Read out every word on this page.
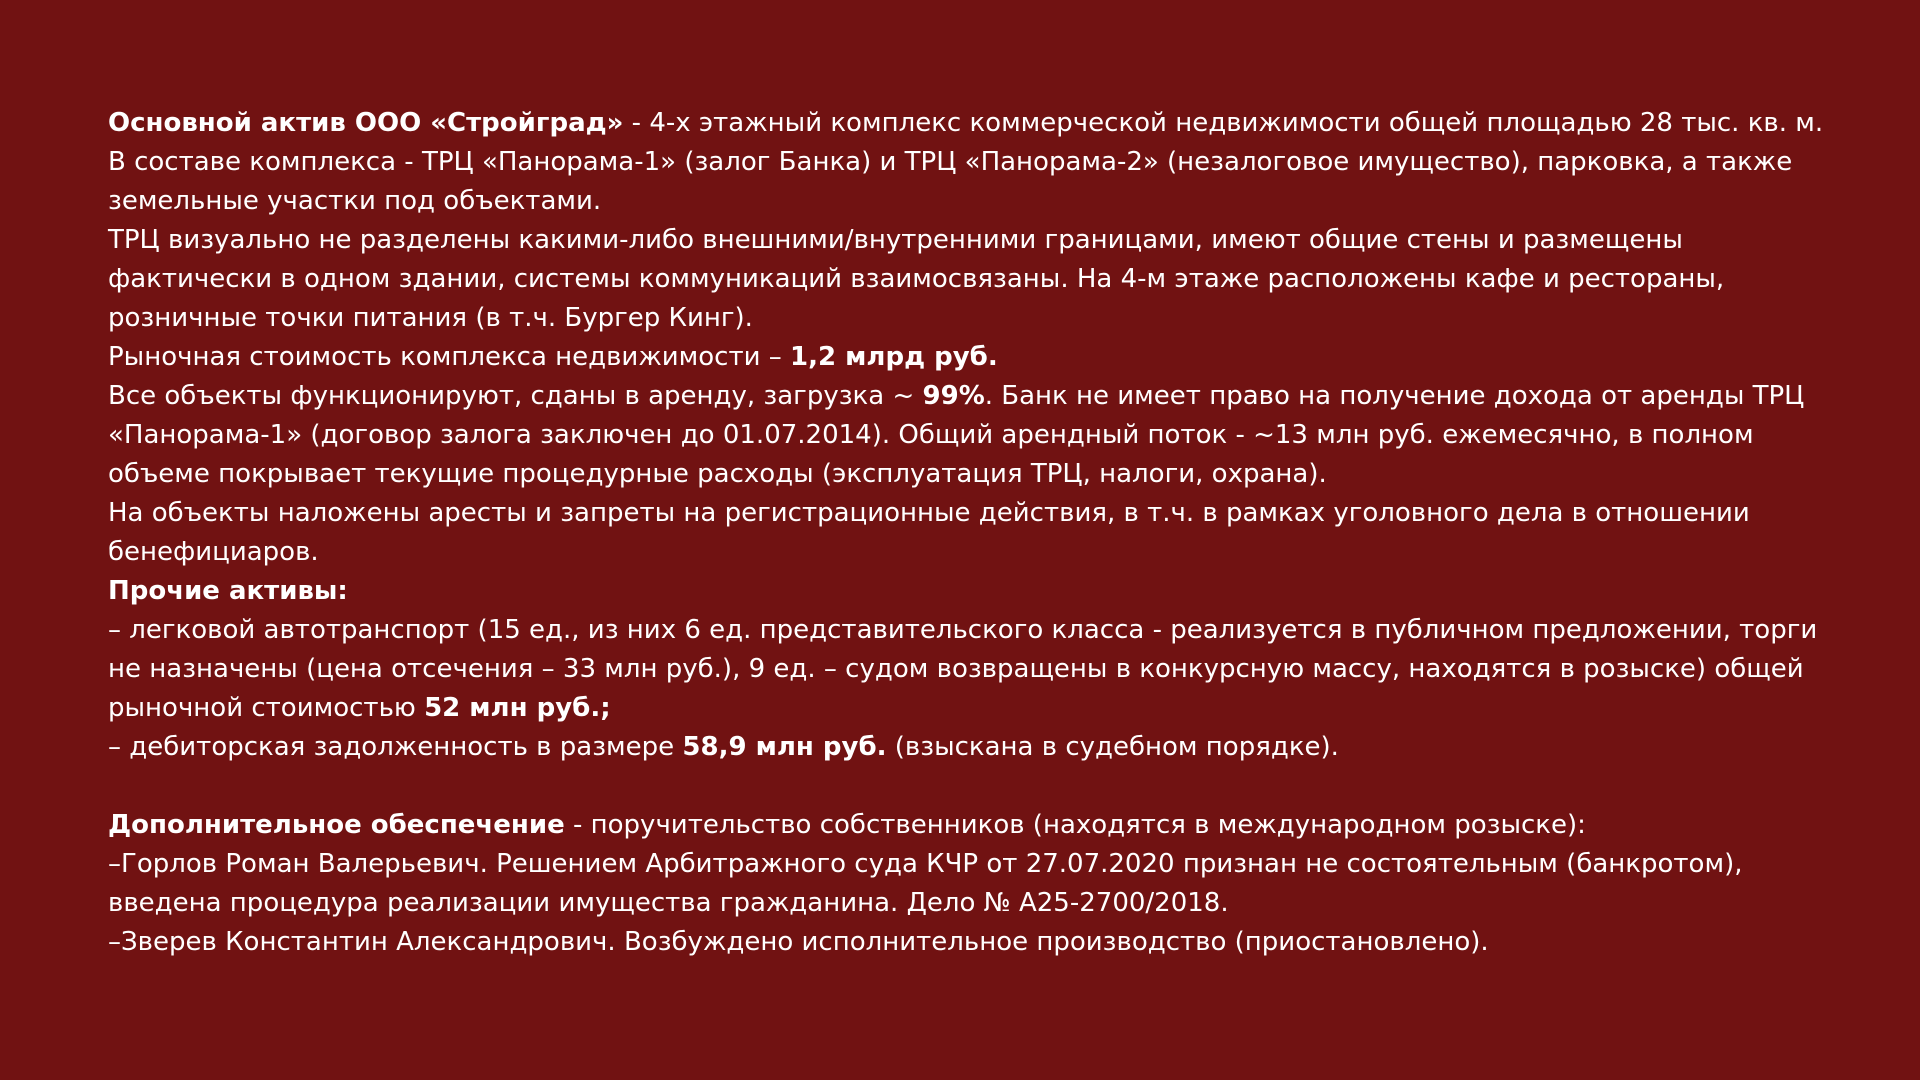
Основной актив ООО «Стройград» - 4-х этажный комплекс коммерческой недвижимости общей площадью 28 тыс. кв. м.

В составе комплекса - ТРЦ «Панорама-1» (залог Банка) и ТРЦ «Панорама-2» (незалоговое имущество), парковка, а также земельные участки под объектами.

ТРЦ визуально не разделены какими-либо внешними/внутренними границами, имеют общие стены и размещены фактически в одном здании, системы коммуникаций взаимосвязаны. На 4-м этаже расположены кафе и рестораны, розничные точки питания (в т.ч. Бургер Кинг).

Рыночная стоимость комплекса недвижимости – 1,2 млрд руб.

Все объекты функционируют, сданы в аренду, загрузка ~ 99%. Банк не имеет право на получение дохода от аренды ТРЦ «Панорама-1» (договор залога заключен до 01.07.2014). Общий арендный поток - ~13 млн руб. ежемесячно, в полном объеме покрывает текущие процедурные расходы (эксплуатация ТРЦ, налоги, охрана).

На объекты наложены аресты и запреты на регистрационные действия, в т.ч. в рамках уголовного дела в отношении бенефициаров.

Прочие активы:

– легковой автотранспорт (15 ед., из них 6 ед. представительского класса - реализуется в публичном предложении, торги не назначены (цена отсечения – 33 млн руб.), 9 ед. – судом возвращены в конкурсную массу, находятся в розыске) общей рыночной стоимостью 52 млн руб.;

– дебиторская задолженность в размере 58,9 млн руб. (взыскана в судебном порядке).

Дополнительное обеспечение - поручительство собственников (находятся в международном розыске):

–Горлов Роман Валерьевич. Решением Арбитражного суда КЧР от 27.07.2020 признан не состоятельным (банкротом), введена процедура реализации имущества гражданина. Дело № А25-2700/2018.

–Зверев Константин Александрович. Возбуждено исполнительное производство (приостановлено).
